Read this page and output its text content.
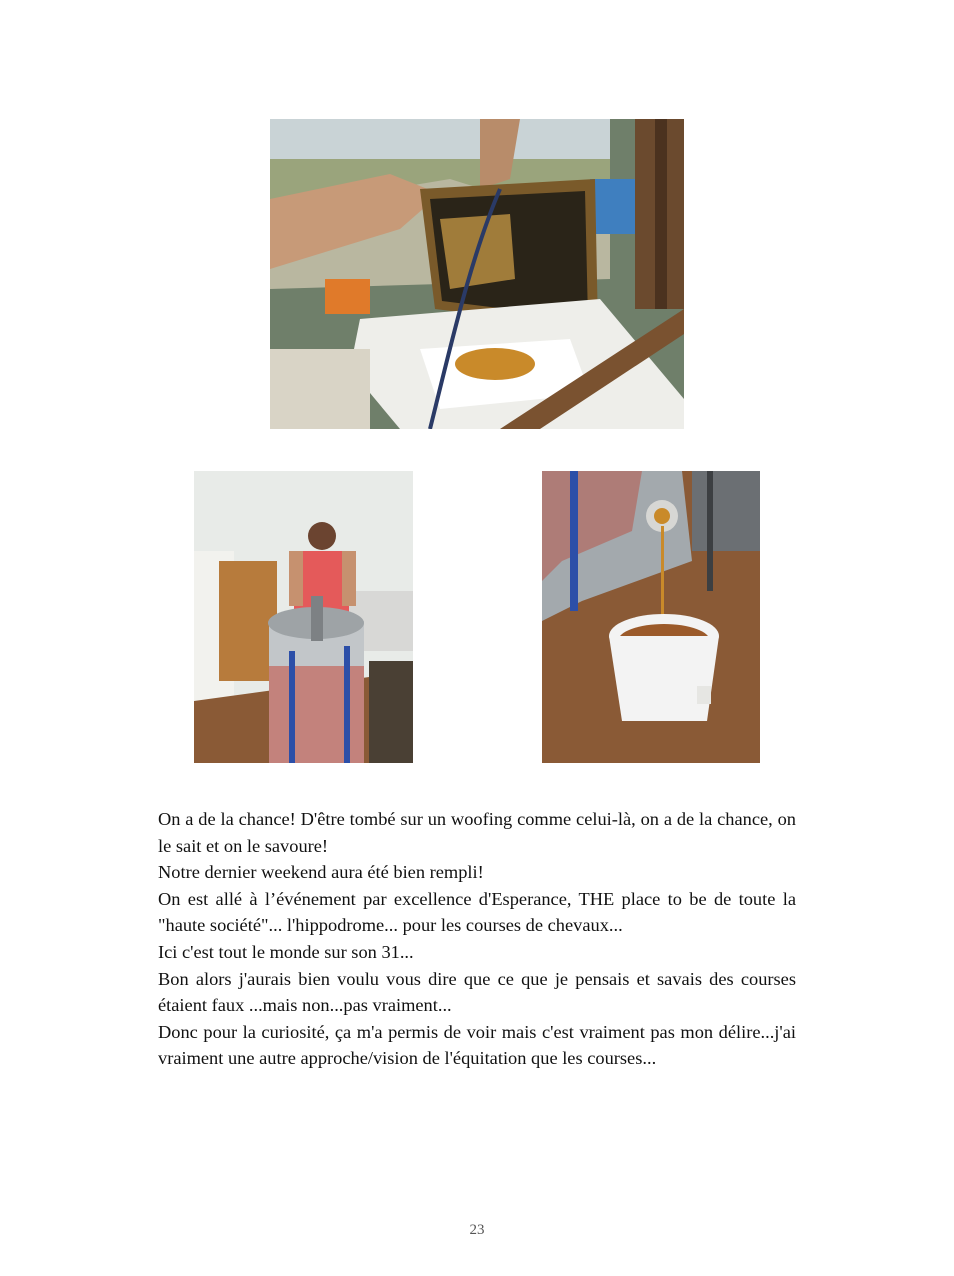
On a de la chance! D'être tombé sur un woofing comme celui-là, on a de la chance, on le sait et on le savoure!

Notre dernier weekend aura été bien rempli!

On est allé à l’événement par excellence d'Esperance, THE place to be de toute la "haute société"... l'hippodrome... pour les courses de chevaux...

Ici c'est tout le monde sur son 31...

Bon alors j'aurais bien voulu vous dire que ce que je pensais et savais des courses étaient faux ...mais non...pas vraiment...

Donc pour la curiosité, ça m'a permis de voir mais c'est vraiment pas mon délire...j'ai vraiment une autre approche/vision de l'équitation que les courses...

23
